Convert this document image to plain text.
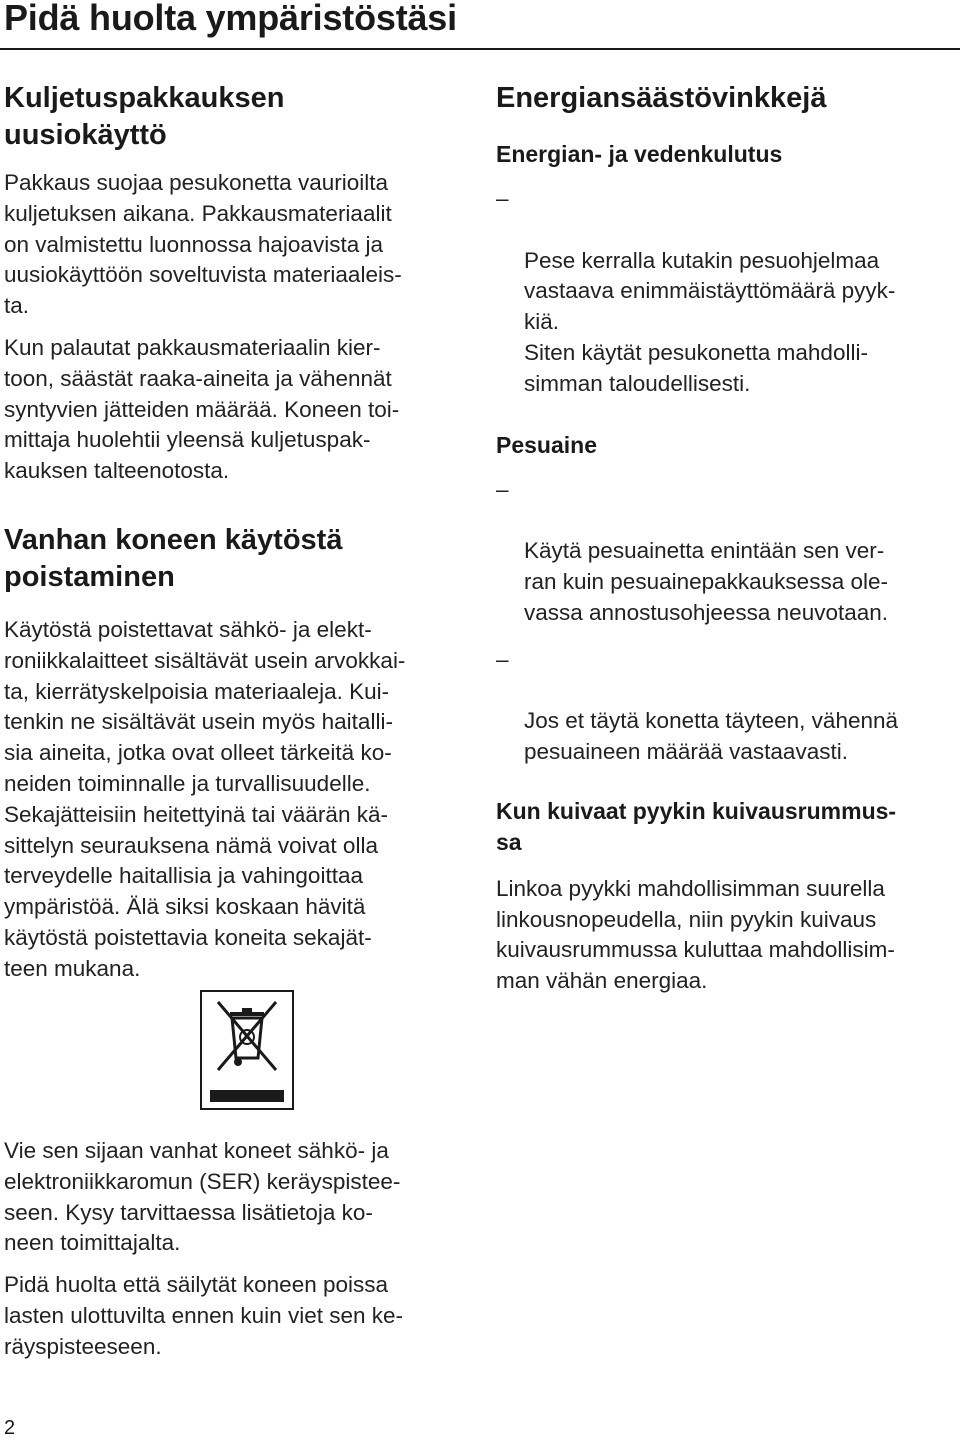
Pidä huolta ympäristöstäsi
Kuljetuspakkauksen
uusiokäyttö

Pakkaus suojaa pesukonetta vaurioilta
kuljetuksen aikana. Pakkausmateriaalit
on valmistettu luonnossa hajoavista ja
uusiokäyttöön soveltuvista materiaaleis-
ta.

Kun palautat pakkausmateriaalin kier-
toon, säästät raaka-aineita ja vähennät
syntyvien jätteiden määrää. Koneen toi-
mittaja huolehtii yleensä kuljetuspak-
kauksen talteenotosta.

Vanhan koneen käytöstä
poistaminen

Käytöstä poistettavat sähkö- ja elekt-
roniikkalaitteet sisältävät usein arvokkai-
ta, kierrätyskelpoisia materiaaleja. Kui-
tenkin ne sisältävät usein myös haitalli-
sia aineita, jotka ovat olleet tärkeitä ko-
neiden toiminnalle ja turvallisuudelle.
Sekajätteisiin heitettyinä tai väärän kä-
sittelyn seurauksena nämä voivat olla
terveydelle haitallisia ja vahingoittaa
ympäristöä. Älä siksi koskaan hävitä
käytöstä poistettavia koneita sekajät-
teen mukana.

Vie sen sijaan vanhat koneet sähkö- ja
elektroniikkaromun (SER) keräyspistee-
seen. Kysy tarvittaessa lisätietoja ko-
neen toimittajalta.

Pidä huolta että säilytät koneen poissa
lasten ulottuvilta ennen kuin viet sen ke-
räyspisteeseen.

Energiansäästövinkkejä
Energian- ja vedenkulutus

–

Pese kerralla kutakin pesuohjelmaa
vastaava enimmäistäyttömäärä pyyk-
kiä.
Siten käytät pesukonetta mahdolli-
simman taloudellisesti.

Pesuaine

–

Käytä pesuainetta enintään sen ver-
ran kuin pesuainepakkauksessa ole-
vassa annostusohjeessa neuvotaan.

–

Jos et täytä konetta täyteen, vähennä
pesuaineen määrää vastaavasti.

Kun kuivaat pyykin kuivausrummus-
sa

Linkoa pyykki mahdollisimman suurella
linkousnopeudella, niin pyykin kuivaus
kuivausrummussa kuluttaa mahdollisim-
man vähän energiaa.

2
